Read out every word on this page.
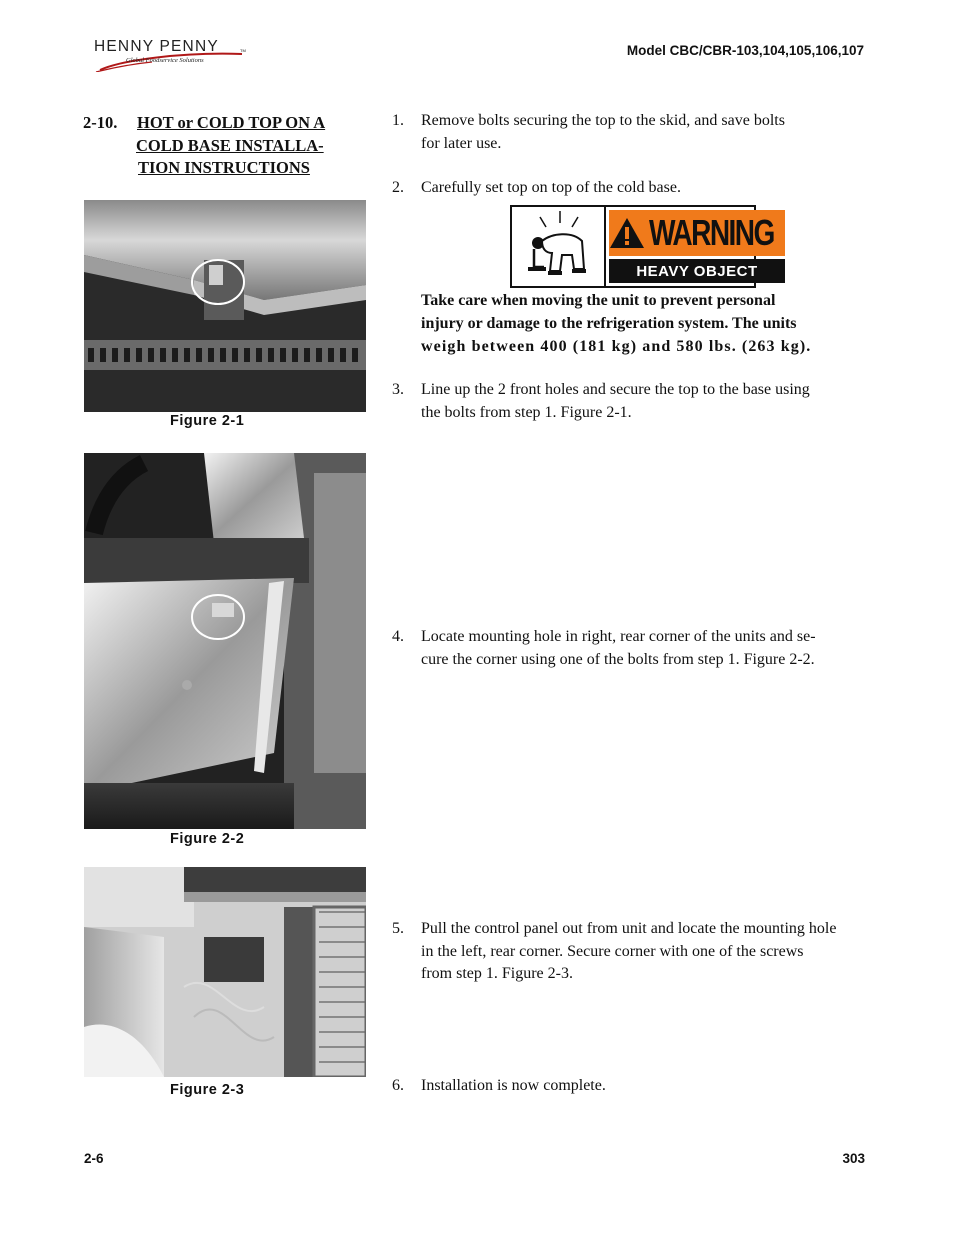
HENNY PENNY	TM
Global Foodservice Solutions
Model CBC/CBR-103,104,105,106,107
2-10. HOT or COLD TOP ON A
COLD BASE INSTALLA-
TION INSTRUCTIONS
Figure 2-1
Figure 2-2
Figure 2-3
1.	Remove bolts securing the top to the skid, and save bolts
for later use.
2.	Carefully set top on top of the cold base.
WARNING
HEAVY OBJECT
Take care when moving the unit to prevent personal
injury or damage to the refrigeration system. The units
weigh between 400 (181 kg) and 580 lbs. (263 kg).
3.	Line up the 2 front holes and secure the top to the base using
the bolts from step 1. Figure 2-1.
4.	Locate mounting hole in right, rear corner of the units and se-
cure the corner using one of the bolts from step 1. Figure 2-2.
5.	Pull the control panel out from unit and locate the mounting hole
in the left, rear corner. Secure corner with one of the screws
from step 1. Figure 2-3.
6.	Installation is now complete.
2-6	303
